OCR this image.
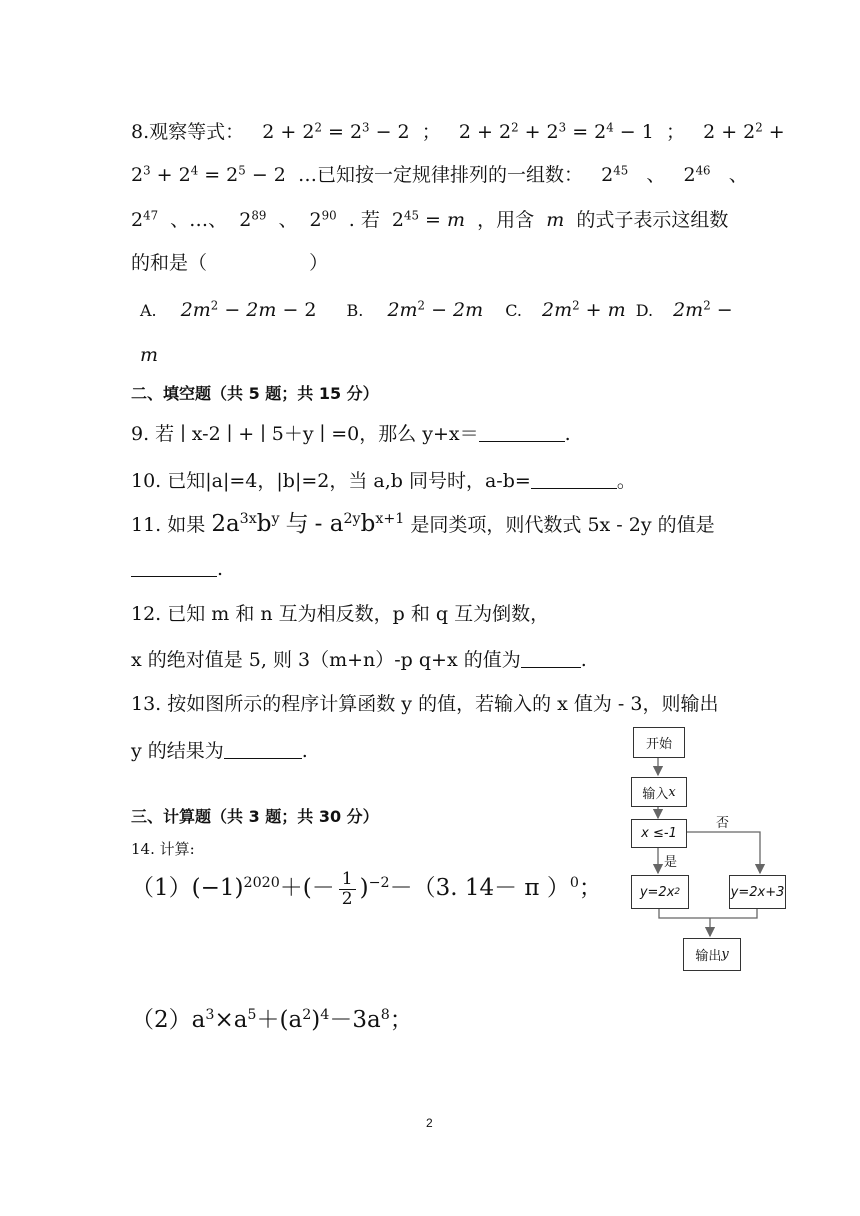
8.观察等式：   $2 + 2^2 = 2^3 - 2$  ；   $2 + 2^2 + 2^3 = 2^4 - 1$  ；   $2 + 2^2$ +
$2^3 + 2^4 = 2^5 - 2$  …已知按一定规律排列的一组数：   $2^{45}$ 、   $2^{46}$ 、
$2^{47}$ 、…、  $2^{89}$ 、  $2^{90}$ . 若  $2^{45} = m$ ，用含  m  的式子表示这组数
的和是（	）
A. $2m^2 - 2m - 2$ B. $2m^2 - 2m$ C. $2m^2 + m$ D. $2m^2$ −
m
二、填空题（共 5 题；共 15 分）
9. 若 ∣ x-2 ∣ + ∣ 5＋y ∣ =0，那么 y+x＝	.
10. 已知|a|=4，|b|=2，当 a,b 同号时，a-b=	。
11. 如果 $2a^{3x}b^y$ 与 - $a^{2y}b^{x+1}$ 是同类项，则代数式 5x - 2y 的值是
.
12. 已知 m 和 n 互为相反数，p 和 q 互为倒数，
x 的绝对值是 5, 则 3（m+n）-p q+x 的值为	.
13. 按如图所示的程序计算函数 y 的值，若输入的 x 值为 - 3，则输出
y 的结果为	.
三、计算题（共 3 题；共 30 分）
14. 计算:
$(1)(-1)^{2020}+(- \frac{1}{2} )^{-2}-(3$. 14－ π ）$^0$；
$(2)a^3\times a^5+(a^2)^4-3a^8$；
开始
输入 x
x ≤-1
否
是
y=2x 2	y=2x+3
输出 y
2
